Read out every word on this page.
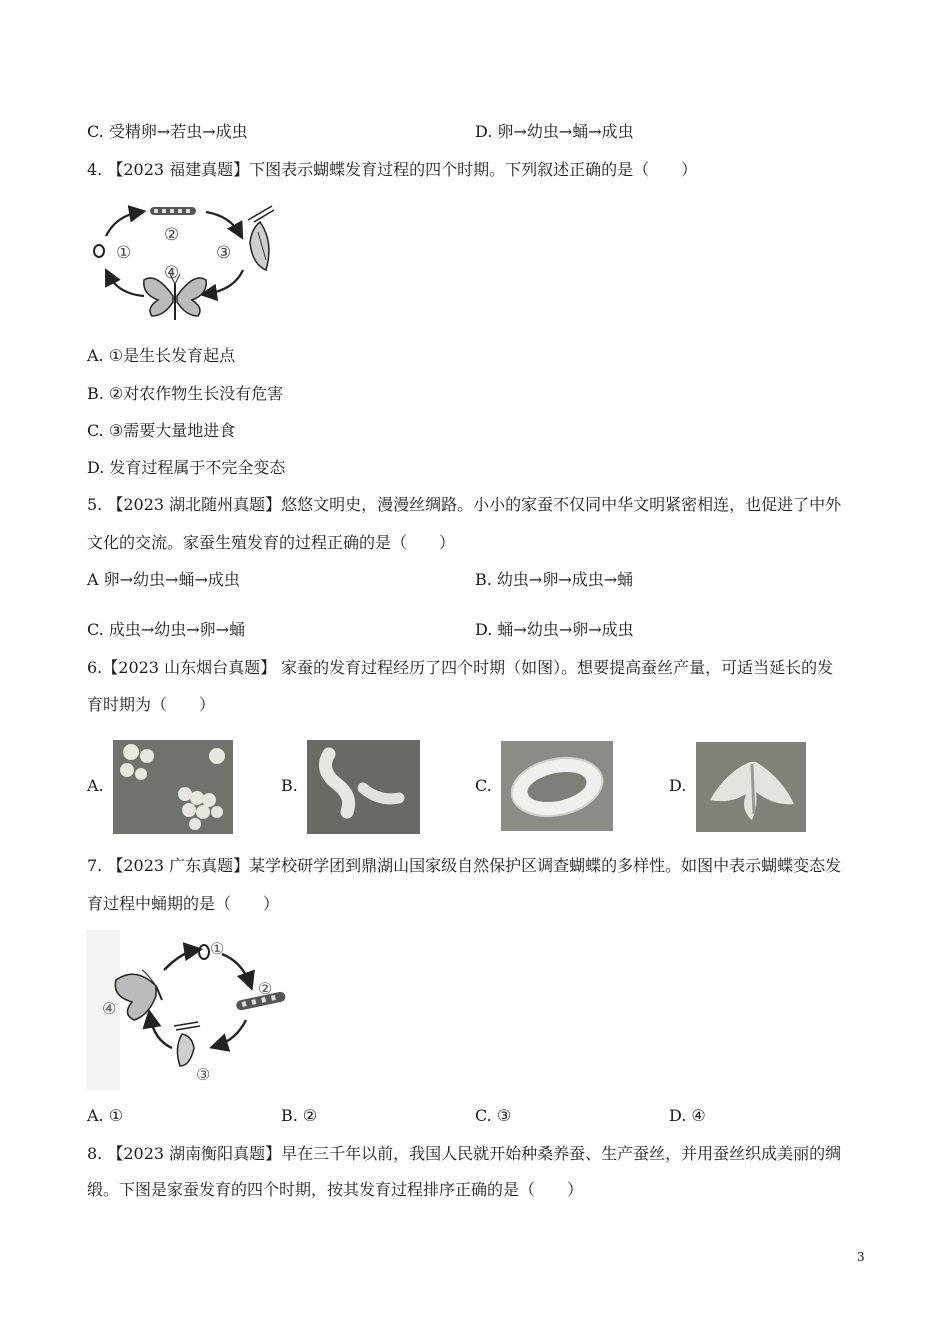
C. 受精卵→若虫→成虫	D. 卵→幼虫→蛹→成虫
4. 【2023 福建真题】下图表示蝴蝶发育过程的四个时期。下列叙述正确的是（　　）
①
②
③
④
A. ①是生长发育起点
B. ②对农作物生长没有危害
C. ③需要大量地进食
D. 发育过程属于不完全变态
5. 【2023 湖北随州真题】悠悠文明史，漫漫丝绸路。小小的家蚕不仅同中华文明紧密相连，也促进了中外
文化的交流。家蚕生殖发育的过程正确的是（　　）
A 卵→幼虫→蛹→成虫	B. 幼虫→卵→成虫→蛹
C. 成虫→幼虫→卵→蛹	D. 蛹→幼虫→卵→成虫
6.【2023 山东烟台真题】 家蚕的发育过程经历了四个时期（如图）。想要提高蚕丝产量，可适当延长的发
育时期为（　　）
A.	B.	C.	D.
7. 【2023 广东真题】某学校研学团到鼎湖山国家级自然保护区调查蝴蝶的多样性。如图中表示蝴蝶变态发
育过程中蛹期的是（　　）
①
②
③
④
A. ①	B. ②	C. ③	D. ④
8. 【2023 湖南衡阳真题】早在三千年以前，我国人民就开始种桑养蚕、生产蚕丝，并用蚕丝织成美丽的绸
缎。下图是家蚕发育的四个时期，按其发育过程排序正确的是（　　）
3
